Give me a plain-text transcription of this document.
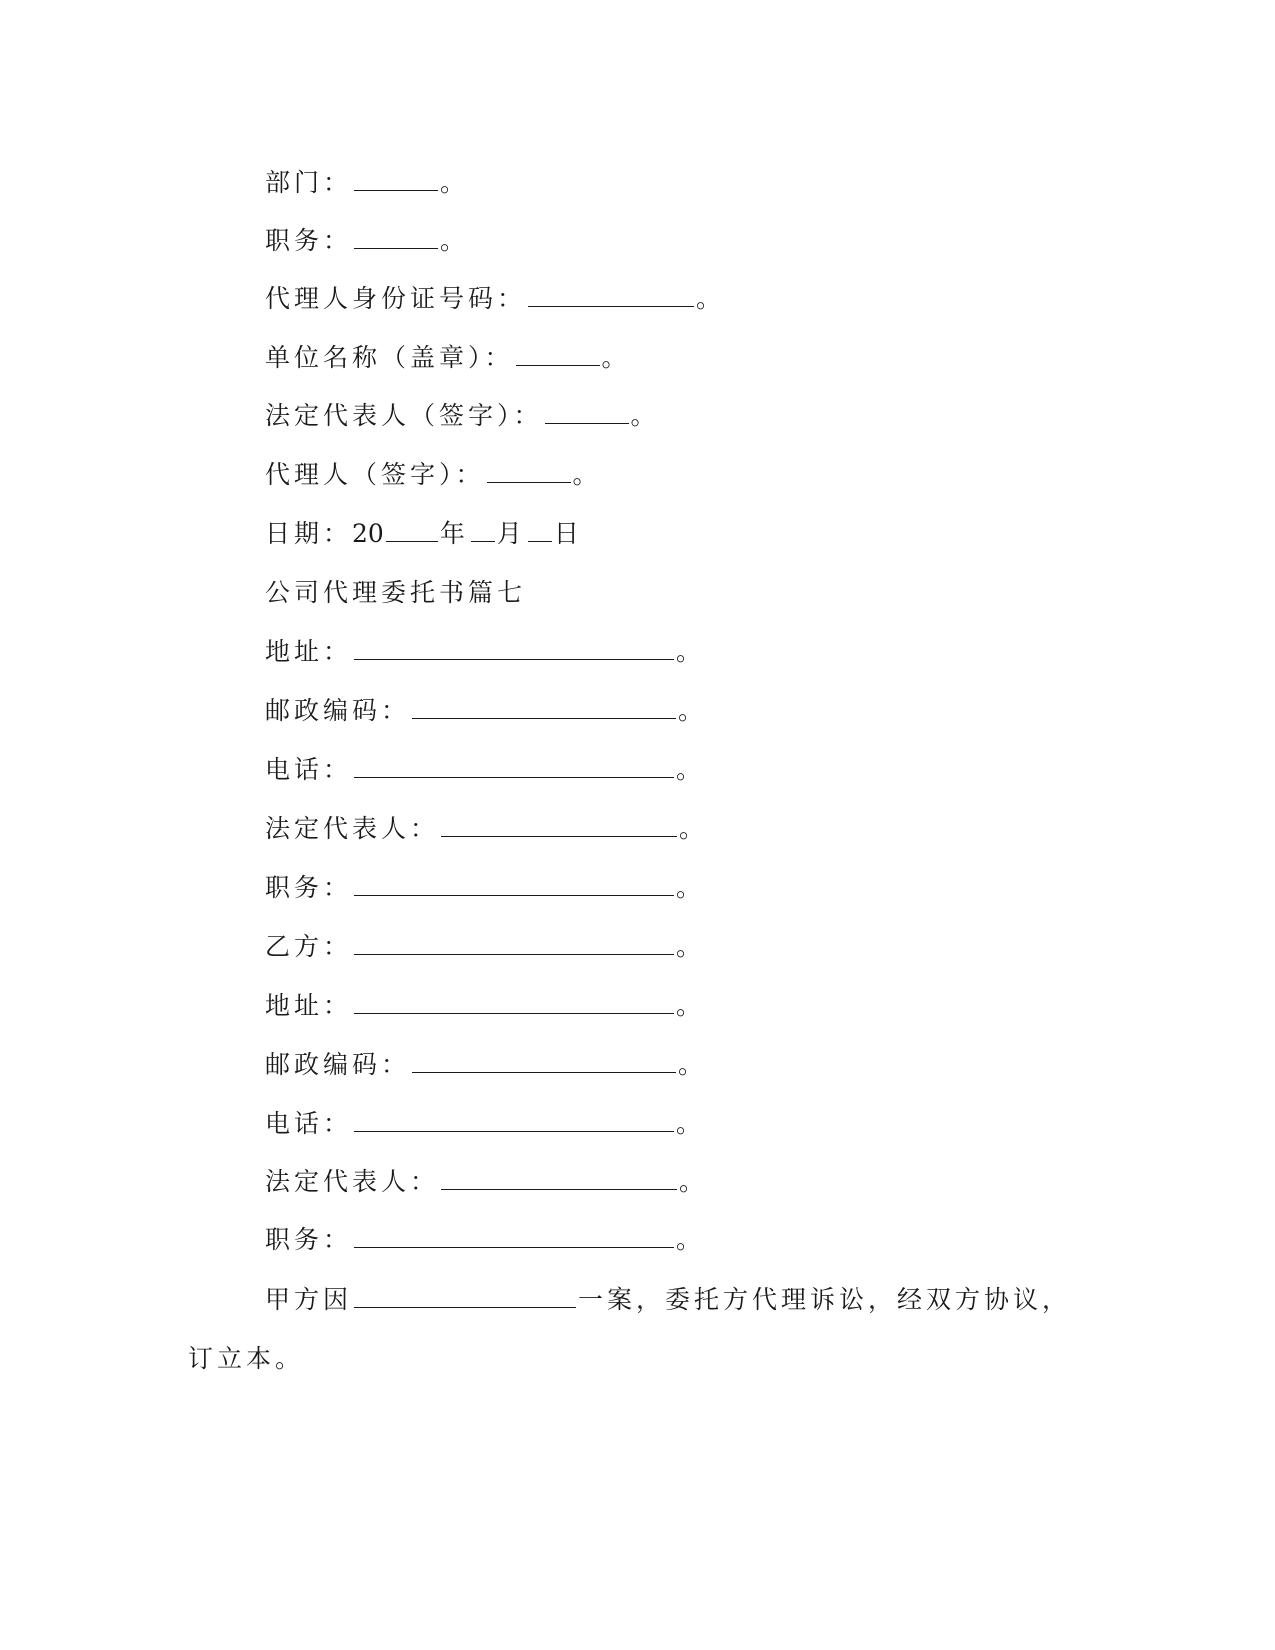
部门：	。
职务：	。
代理人身份证号码：	。
单位名称（盖章）：	。
法定代表人（签字）：	。
代理人（签字）：	。
日期：20 年 月 日
公司代理委托书篇七
地址：	。
邮政编码：	。
电话：	。
法定代表人：	。
职务：	。
乙方：	。
地址：	。
邮政编码：	。
电话：	。
法定代表人：	。
职务：	。
甲方因	一案，委托方代理诉讼，经双方协议，
订立本。
